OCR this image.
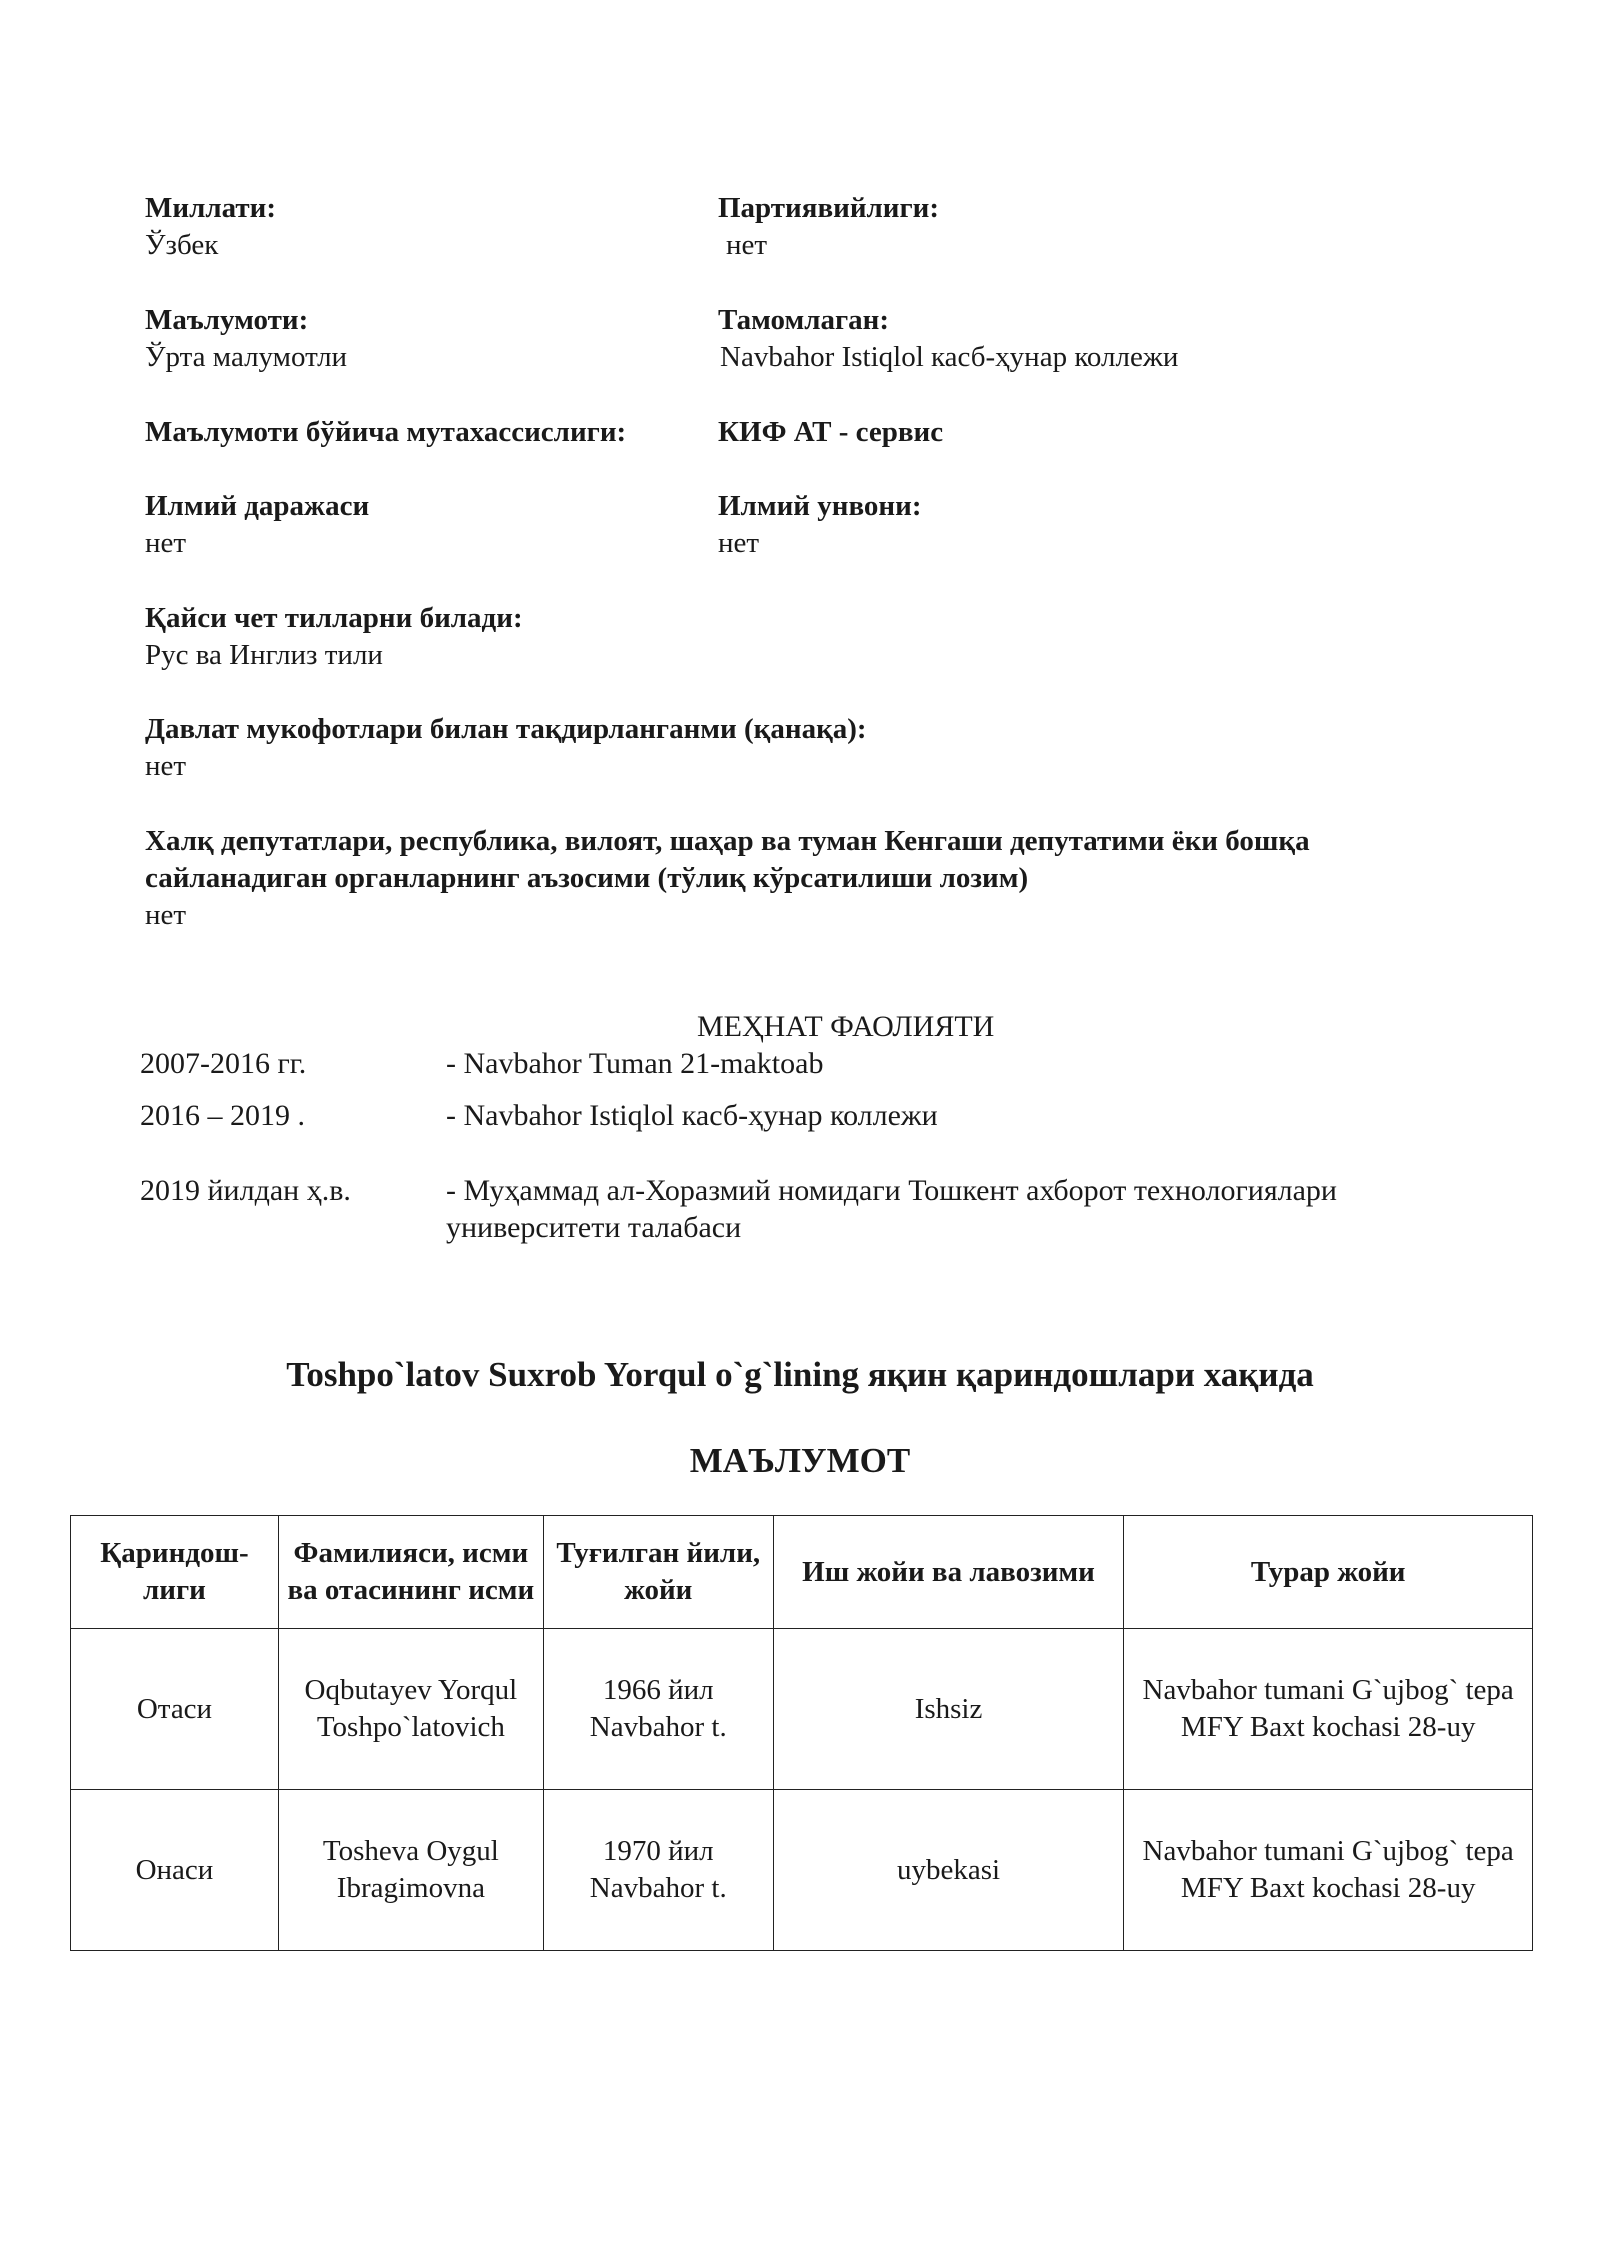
Миллати:
Ўзбек
Партиявийлиги:
нет
Маълумоти:
Ўрта малумотли
Тамомлаган:
Navbahor Istiqlol касб-ҳунар коллежи
Маълумоти бўйича мутахассислиги:	КИФ АТ - сервис
Илмий даражаси
нет
Илмий унвони:
нет
Қайси чет тилларни билади:
Рус ва Инглиз тили
Давлат мукофотлари билан тақдирланганми (қанақа):
нет
Халқ депутатлари, республика, вилоят, шаҳар ва туман Кенгаши депутатими ёки бошқа сайланадиган органларнинг аъзосими (тўлиқ кўрсатилиши лозим)
нет
МЕҲНАТ ФАОЛИЯТИ
2007-2016 гг.	- Navbahor Tuman 21-maktoab
2016 – 2019 .	- Navbahor Istiqlol касб-ҳунар коллежи
2019 йилдан ҳ.в.	- Муҳаммад ал-Хоразмий номидаги Тошкент ахборот технологиялари университети талабаси
Toshpo`latov Suxrob Yorqul o`g`lining яқин қариндошлари хақида
МАЪЛУМОТ
Қариндош-лиги	Фамилияси, исми ва отасининг исми	Туғилган йили, жойи	Иш жойи ва лавозими	Турар жойи
Отаси	Oqbutayev Yorqul Toshpo`latovich	1966 йил Navbahor t.	Ishsiz	Navbahor tumani G`ujbog` tepa MFY Baxt kochasi 28-uy
Онаси	Tosheva Oygul Ibragimovna	1970 йил Navbahor t.	uybekasi	Navbahor tumani G`ujbog` tepa MFY Baxt kochasi 28-uy
